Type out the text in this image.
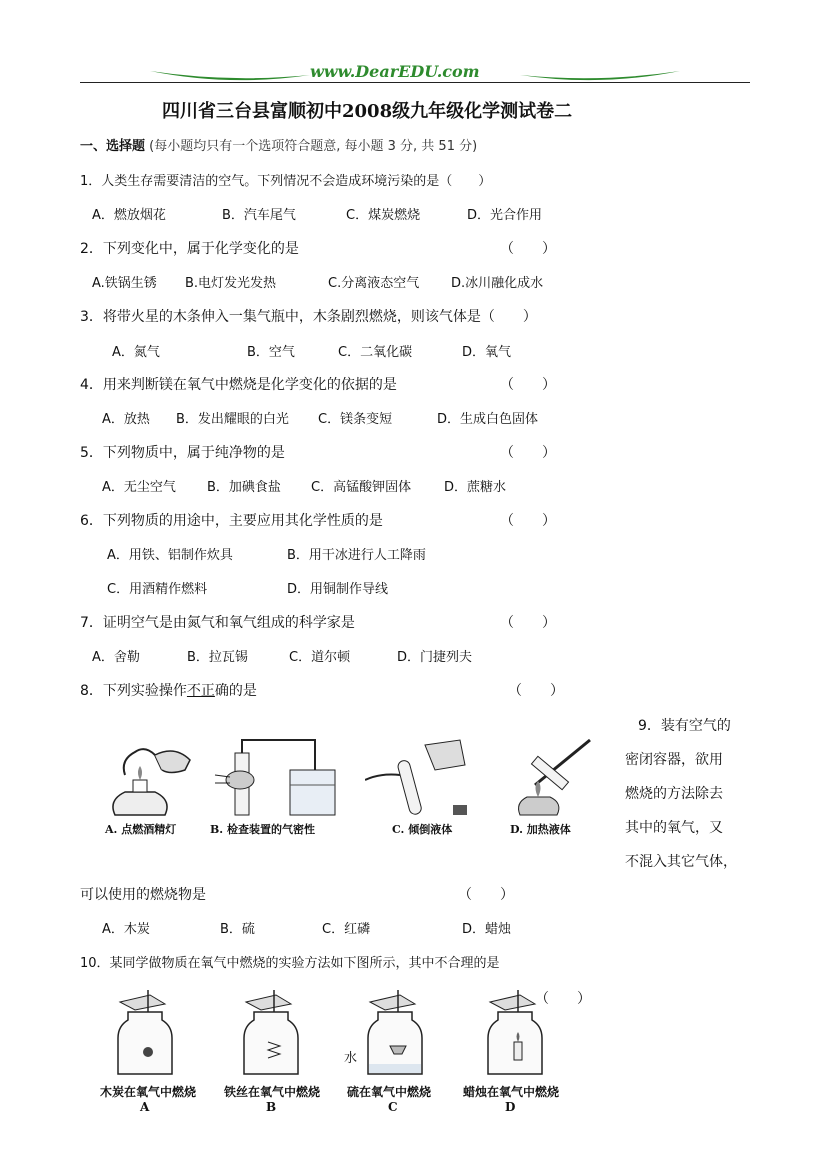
www.DearEDU.com
四川省三台县富顺初中2008级九年级化学测试卷二
一、选择题 (每小题均只有一个选项符合题意, 每小题 3 分, 共 51 分)
1．人类生存需要清洁的空气。下列情况不会造成环境污染的是（　　）
A．燃放烟花	B．汽车尾气	C．煤炭燃烧	D．光合作用
2．下列变化中，属于化学变化的是	（　　）
A.铁锅生锈 B.电灯发光发热	C.分离液态空气 D.冰川融化成水
3．将带火星的木条伸入一集气瓶中，木条剧烈燃烧，则该气体是（　　）
A．氮气	B．空气	C．二氧化碳	D．氧气
4．用来判断镁在氧气中燃烧是化学变化的依据的是	（　　）
A．放热 B．发出耀眼的白光 C．镁条变短	D．生成白色固体
5．下列物质中，属于纯净物的是	（　　）
A．无尘空气 B．加碘食盐 C．高锰酸钾固体	D．蔗糖水
6．下列物质的用途中，主要应用其化学性质的是	（　　）
A．用铁、铝制作炊具	B．用干冰进行人工降雨
C．用酒精作燃料	D．用铜制作导线
7．证明空气是由氮气和氧气组成的科学家是	（　　）
A．舍勒	B．拉瓦锡	C．道尔顿	D．门捷列夫
8．下列实验操作不正确的是	（　　）
A. 点燃酒精灯	B. 检查装置的气密性	C. 倾倒液体	D. 加热液体
9．装有空气的
密闭容器，欲用
燃烧的方法除去
其中的氧气，又
不混入其它气体，
可以使用的燃烧物是	（　　）
A．木炭	B．硫	C．红磷	D．蜡烛
10．某同学做物质在氧气中燃烧的实验方法如下图所示，其中不合理的是
（　　）
水
木炭在氧气中燃烧 铁丝在氧气中燃烧 硫在氧气中燃烧	蜡烛在氧气中燃烧
A	B	C	D
